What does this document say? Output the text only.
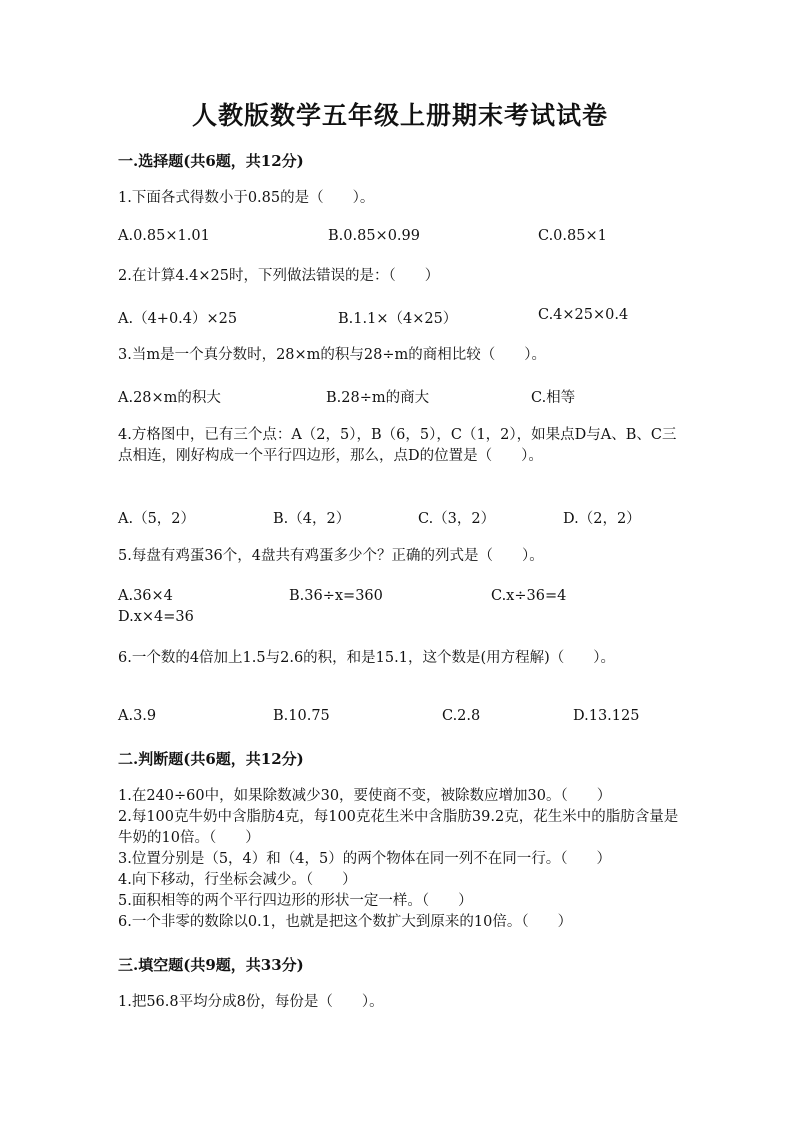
人教版数学五年级上册期末考试试卷
一.选择题(共6题，共12分)
1.下面各式得数小于0.85的是（　　）。
A.0.85×1.01	B.0.85×0.99	C.0.85×1
2.在计算4.4×25时，下列做法错误的是：（　　）
A.（4+0.4）×25	B.1.1×（4×25）	C.4×25×0.4
3.当m是一个真分数时，28×m的积与28÷m的商相比较（　　）。
A.28×m的积大	B.28÷m的商大	C.相等
4.方格图中，已有三个点：A（2，5），B（6，5），C（1，2），如果点D与A、B、C三点相连，刚好构成一个平行四边形，那么，点D的位置是（　　）。
A.（5，2）	B.（4，2）	C.（3，2）	D.（2，2）
5.每盘有鸡蛋36个，4盘共有鸡蛋多少个？正确的列式是（　　）。
A.36×4	B.36÷x=360	C.x÷36=4
D.x×4=36
6.一个数的4倍加上1.5与2.6的积，和是15.1，这个数是(用方程解)（　　）。
A.3.9	B.10.75	C.2.8	D.13.125
二.判断题(共6题，共12分)
1.在240÷60中，如果除数减少30，要使商不变，被除数应增加30。（　　）
2.每100克牛奶中含脂肪4克，每100克花生米中含脂肪39.2克，花生米中的脂肪含量是牛奶的10倍。（　　）
3.位置分别是（5，4）和（4，5）的两个物体在同一列不在同一行。（　　）
4.向下移动，行坐标会减少。（　　）
5.面积相等的两个平行四边形的形状一定一样。（　　）
6.一个非零的数除以0.1，也就是把这个数扩大到原来的10倍。（　　）
三.填空题(共9题，共33分)
1.把56.8平均分成8份，每份是（　　）。
